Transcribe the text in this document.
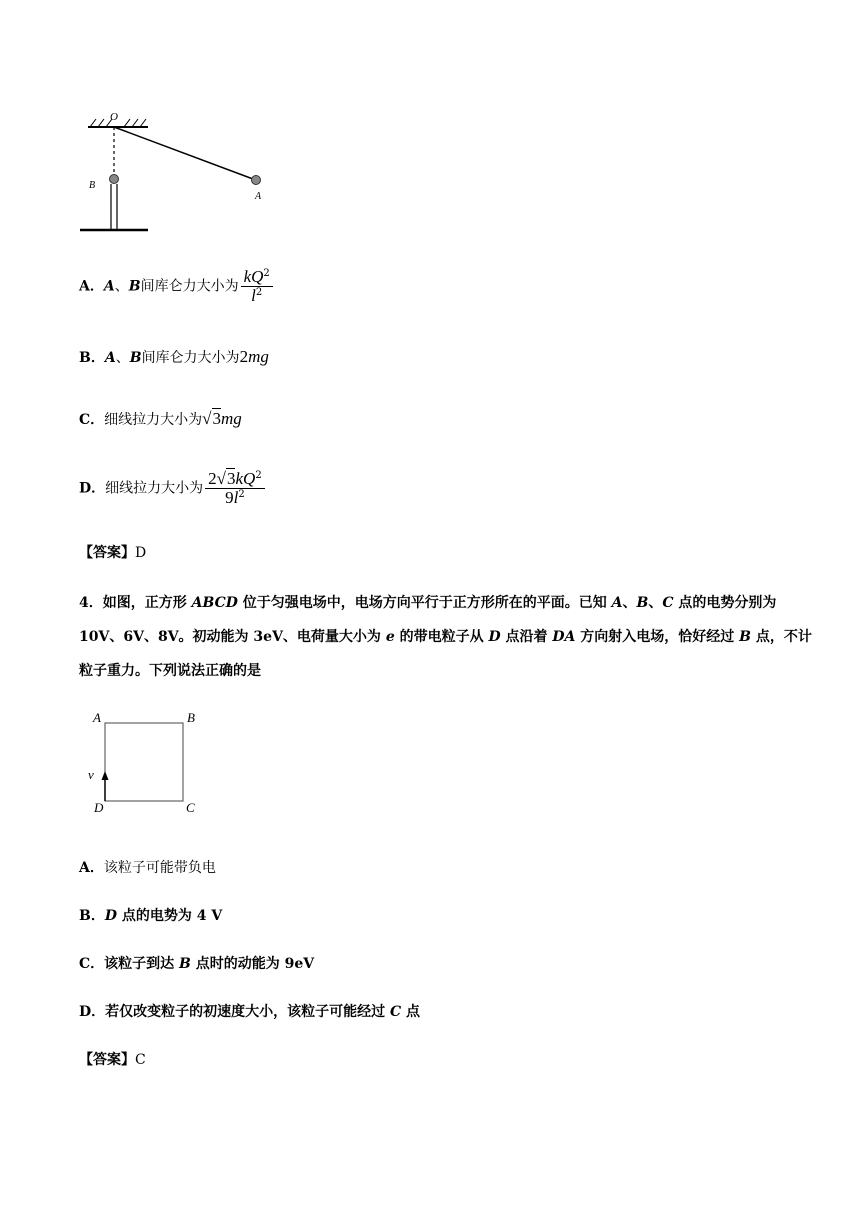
O
B
A
A．A、B间库仑力大小为 $\frac{kQ^2}{l^2}$
B．A、B间库仑力大小为2mg
C．细线拉力大小为√3mg
D．细线拉力大小为 $\frac{2√3kQ^2}{9l^2}$
【答案】D
4．如图，正方形 ABCD 位于匀强电场中，电场方向平行于正方形所在的平面。已知 A、B、C 点的电势分别为 10V、6V、8V。初动能为 3eV、电荷量大小为 e 的带电粒子从 D 点沿着 DA 方向射入电场，恰好经过 B 点，不计粒子重力。下列说法正确的是
A	B
C
D
v
A．该粒子可能带负电
B．D 点的电势为 4 V
C．该粒子到达 B 点时的动能为 9eV
D．若仅改变粒子的初速度大小，该粒子可能经过 C 点
【答案】C
